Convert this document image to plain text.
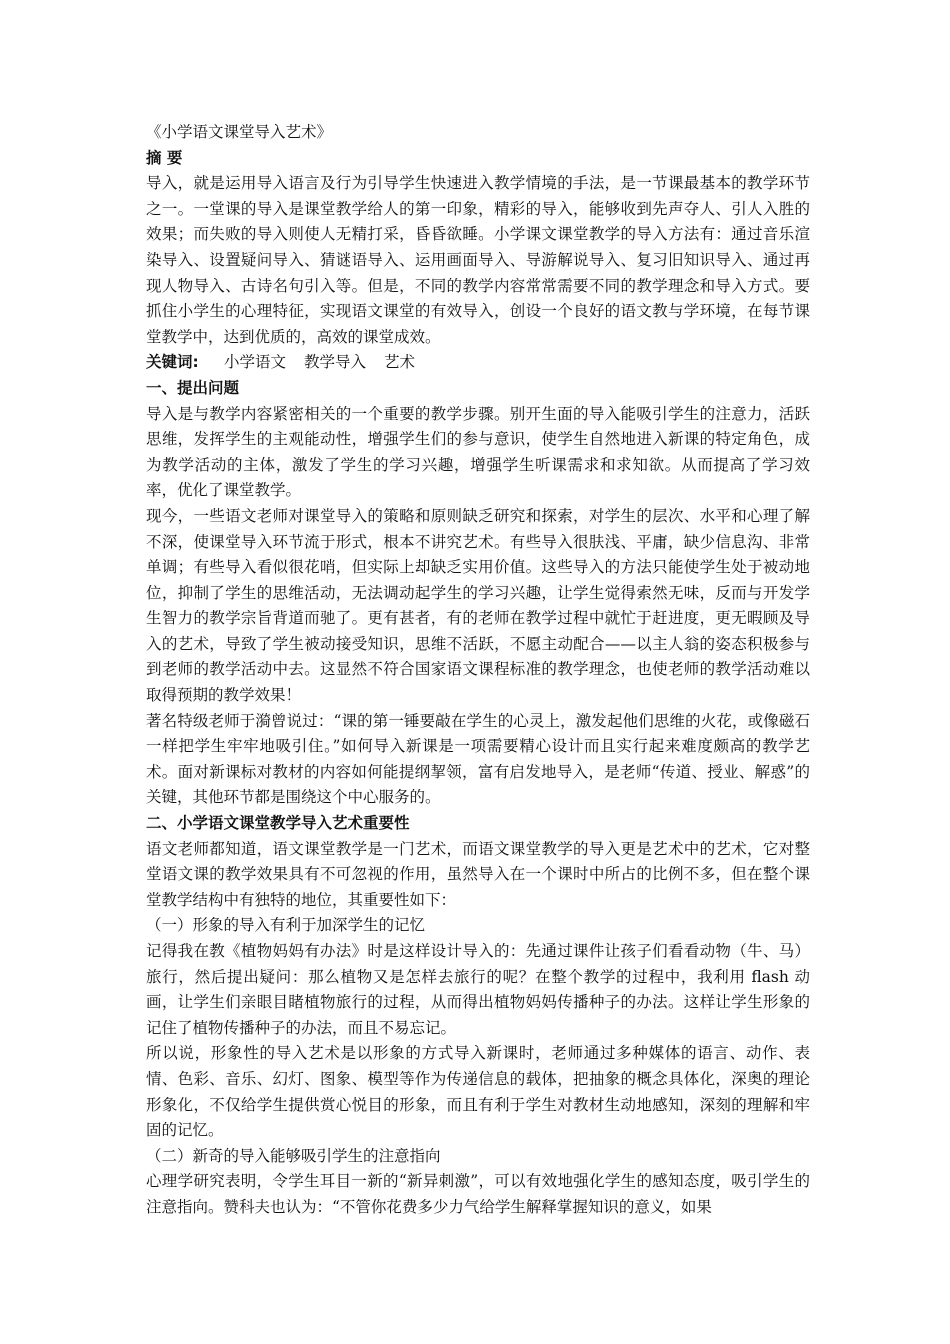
《小学语文课堂导入艺术》

摘 要

导入，就是运用导入语言及行为引导学生快速进入教学情境的手法，是一节课最基本的教学环节之一。一堂课的导入是课堂教学给人的第一印象，精彩的导入，能够收到先声夺人、引人入胜的效果；而失败的导入则使人无精打采，昏昏欲睡。小学课文课堂教学的导入方法有：通过音乐渲染导入、设置疑问导入、猜谜语导入、运用画面导入、导游解说导入、复习旧知识导入、通过再现人物导入、古诗名句引入等。但是，不同的教学内容常常需要不同的教学理念和导入方式。要抓住小学生的心理特征，实现语文课堂的有效导入，创设一个良好的语文教与学环境，在每节课堂教学中，达到优质的，高效的课堂成效。

关键词: 小学语文 教学导入 艺术

一、提出问题

导入是与教学内容紧密相关的一个重要的教学步骤。别开生面的导入能吸引学生的注意力，活跃思维，发挥学生的主观能动性，增强学生们的参与意识，使学生自然地进入新课的特定角色，成为教学活动的主体，激发了学生的学习兴趣，增强学生听课需求和求知欲。从而提高了学习效率，优化了课堂教学。

现今，一些语文老师对课堂导入的策略和原则缺乏研究和探索，对学生的层次、水平和心理了解不深，使课堂导入环节流于形式，根本不讲究艺术。有些导入很肤浅、平庸，缺少信息沟、非常单调；有些导入看似很花哨，但实际上却缺乏实用价值。这些导入的方法只能使学生处于被动地位，抑制了学生的思维活动，无法调动起学生的学习兴趣，让学生觉得索然无味，反而与开发学生智力的教学宗旨背道而驰了。更有甚者，有的老师在教学过程中就忙于赶进度，更无暇顾及导入的艺术，导致了学生被动接受知识，思维不活跃，不愿主动配合——以主人翁的姿态积极参与到老师的教学活动中去。这显然不符合国家语文课程标准的教学理念，也使老师的教学活动难以取得预期的教学效果！

著名特级老师于漪曾说过：“课的第一锤要敲在学生的心灵上，激发起他们思维的火花，或像磁石一样把学生牢牢地吸引住。”如何导入新课是一项需要精心设计而且实行起来难度颇高的教学艺术。面对新课标对教材的内容如何能提纲挈领，富有启发地导入，是老师“传道、授业、解惑”的关键，其他环节都是围绕这个中心服务的。

二、小学语文课堂教学导入艺术重要性

语文老师都知道，语文课堂教学是一门艺术，而语文课堂教学的导入更是艺术中的艺术，它对整堂语文课的教学效果具有不可忽视的作用，虽然导入在一个课时中所占的比例不多，但在整个课堂教学结构中有独特的地位，其重要性如下：

（一）形象的导入有利于加深学生的记忆

记得我在教《植物妈妈有办法》时是这样设计导入的：先通过课件让孩子们看看动物（牛、马）旅行，然后提出疑问：那么植物又是怎样去旅行的呢？在整个教学的过程中，我利用 flash 动画，让学生们亲眼目睹植物旅行的过程，从而得出植物妈妈传播种子的办法。这样让学生形象的记住了植物传播种子的办法，而且不易忘记。

所以说，形象性的导入艺术是以形象的方式导入新课时，老师通过多种媒体的语言、动作、表情、色彩、音乐、幻灯、图象、模型等作为传递信息的载体，把抽象的概念具体化，深奥的理论形象化，不仅给学生提供赏心悦目的形象，而且有利于学生对教材生动地感知，深刻的理解和牢固的记忆。

（二）新奇的导入能够吸引学生的注意指向

心理学研究表明，令学生耳目一新的“新异刺激”，可以有效地强化学生的感知态度，吸引学生的注意指向。赞科夫也认为：“不管你花费多少力气给学生解释掌握知识的意义，如果
